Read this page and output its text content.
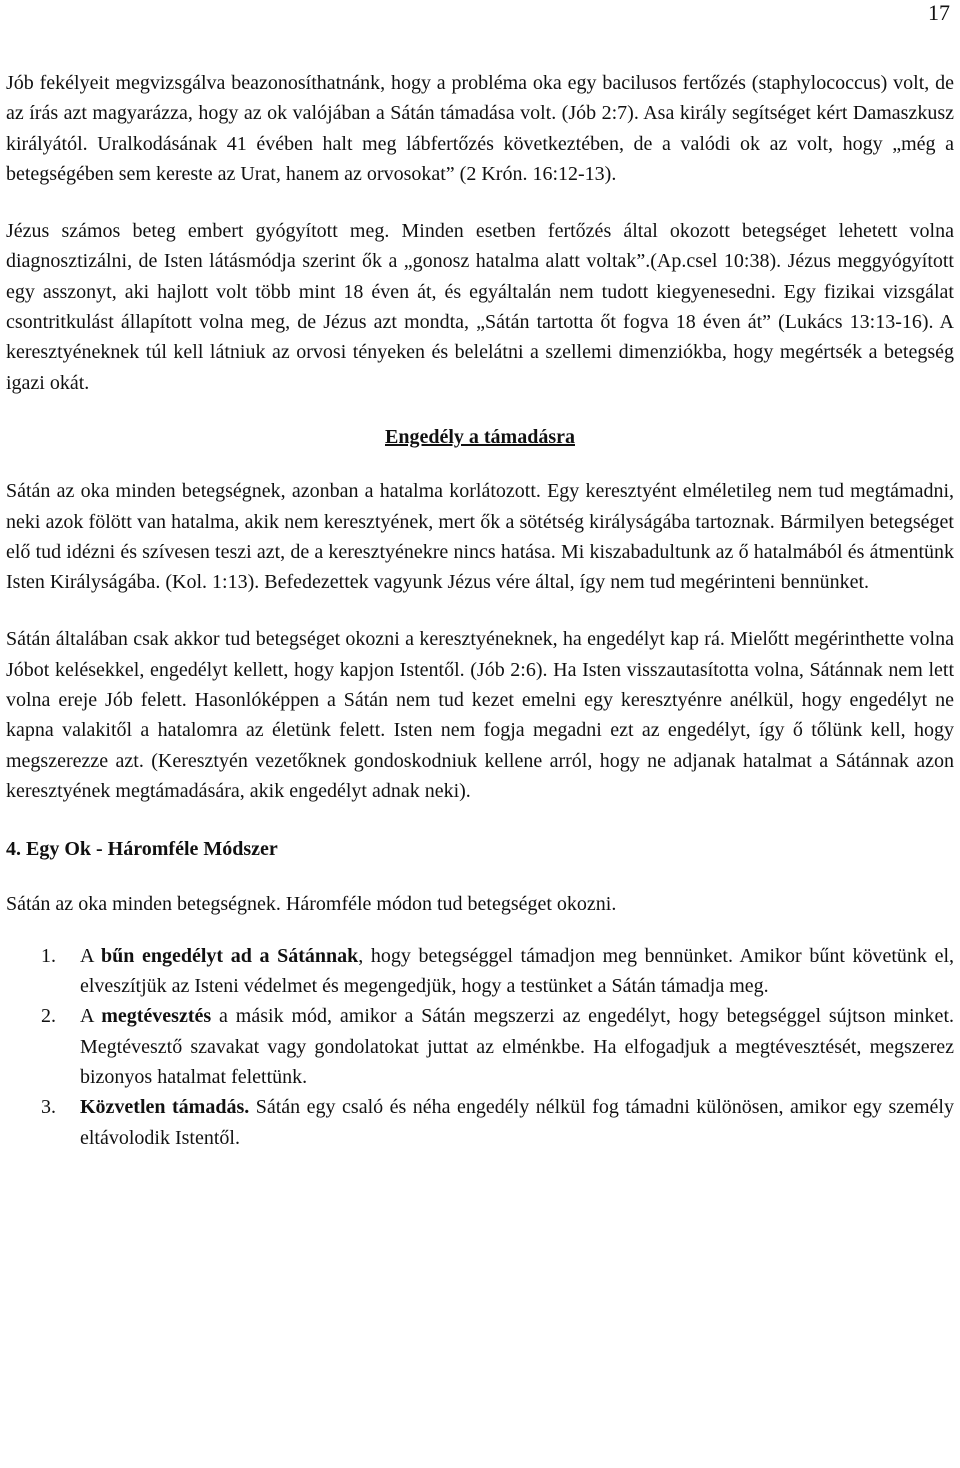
17

Jób fekélyeit megvizsgálva beazonosíthatnánk, hogy a probléma oka egy bacilusos fertőzés (staphylococcus) volt, de az írás azt magyarázza, hogy az ok valójában a Sátán támadása volt. (Jób 2:7). Asa király segítséget kért Damaszkusz királyától. Uralkodásának 41 évében halt meg lábfertőzés következtében, de a valódi ok az volt, hogy „még a betegségében sem kereste az Urat, hanem az orvosokat” (2 Krón. 16:12-13).

Jézus számos beteg embert gyógyított meg. Minden esetben fertőzés által okozott betegséget lehetett volna diagnosztizálni, de Isten látásmódja szerint ők a „gonosz hatalma alatt voltak”.(Ap.csel 10:38). Jézus meggyógyított egy asszonyt, aki hajlott volt több mint 18 éven át, és egyáltalán nem tudott kiegyenesedni. Egy fizikai vizsgálat csontritkulást állapított volna meg, de Jézus azt mondta, „Sátán tartotta őt fogva 18 éven át” (Lukács 13:13-16). A keresztyéneknek túl kell látniuk az orvosi tényeken és belelátni a szellemi dimenziókba, hogy megértsék a betegség igazi okát.

Engedély a támadásra

Sátán az oka minden betegségnek, azonban a hatalma korlátozott. Egy keresztyént elméletileg nem tud megtámadni, neki azok fölött van hatalma, akik nem keresztyének, mert ők a sötétség királyságába tartoznak. Bármilyen betegséget elő tud idézni és szívesen teszi azt, de a keresztyénekre nincs hatása. Mi kiszabadultunk az ő hatalmából és átmentünk Isten Királyságába. (Kol. 1:13). Befedezettek vagyunk Jézus vére által, így nem tud megérinteni bennünket.

Sátán általában csak akkor tud betegséget okozni a keresztyéneknek, ha engedélyt kap rá. Mielőtt megérinthette volna Jóbot kelésekkel, engedélyt kellett, hogy kapjon Istentől. (Jób 2:6). Ha Isten visszautasította volna, Sátánnak nem lett volna ereje Jób felett. Hasonlóképpen a Sátán nem tud kezet emelni egy keresztyénre anélkül, hogy engedélyt ne kapna valakitől a hatalomra az életünk felett. Isten nem fogja megadni ezt az engedélyt, így ő tőlünk kell, hogy megszerezze azt. (Keresztyén vezetőknek gondoskodniuk kellene arról, hogy ne adjanak hatalmat a Sátánnak azon keresztyének megtámadására, akik engedélyt adnak neki).

4. Egy Ok - Háromféle Módszer

Sátán az oka minden betegségnek. Háromféle módon tud betegséget okozni.

1. A bűn engedélyt ad a Sátánnak, hogy betegséggel támadjon meg bennünket. Amikor bűnt követünk el, elveszítjük az Isteni védelmet és megengedjük, hogy a testünket a Sátán támadja meg.
2. A megtévesztés a másik mód, amikor a Sátán megszerzi az engedélyt, hogy betegséggel sújtson minket. Megtévesztő szavakat vagy gondolatokat juttat az elménkbe. Ha elfogadjuk a megtévesztését, megszerez bizonyos hatalmat felettünk.
3. Közvetlen támadás. Sátán egy csaló és néha engedély nélkül fog támadni különösen, amikor egy személy eltávolodik Istentől.
